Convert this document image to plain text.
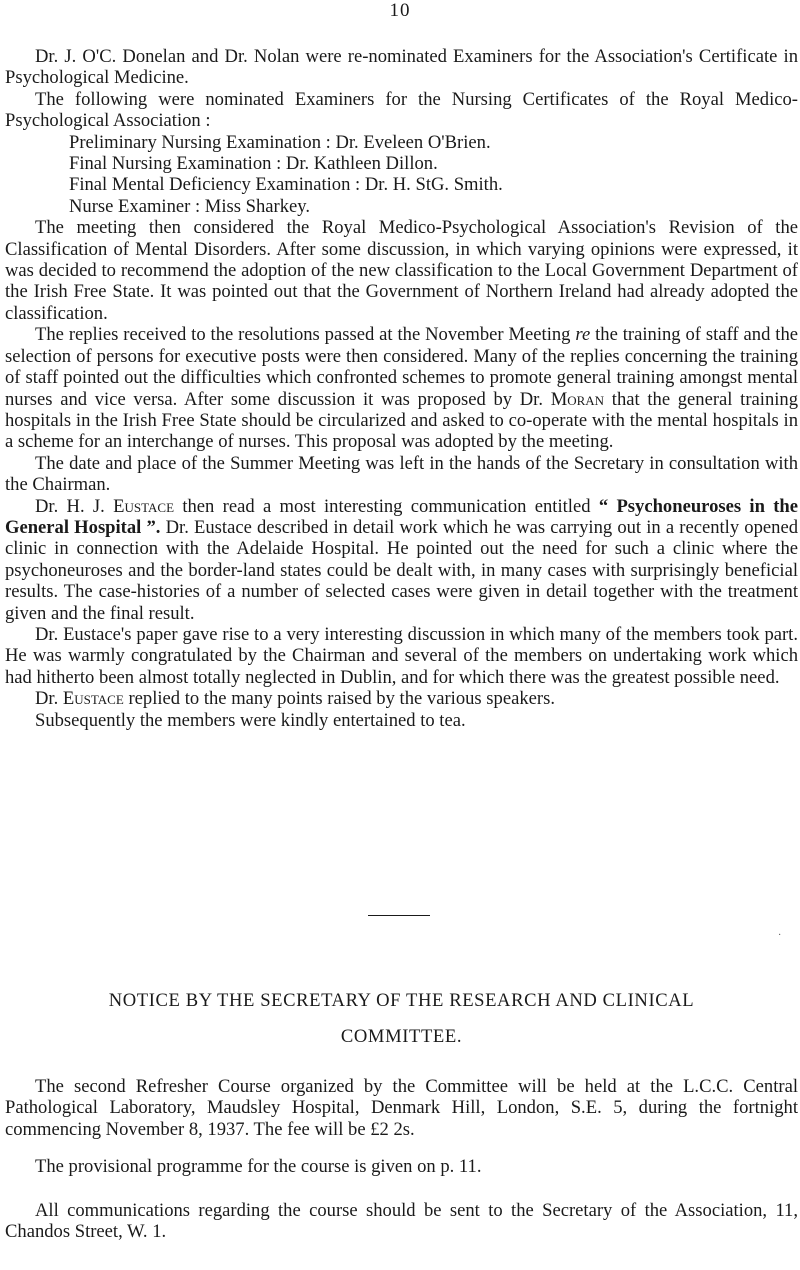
10

Dr. J. O'C. Donelan and Dr. Nolan were re-nominated Examiners for the Association's Certificate in Psychological Medicine.

The following were nominated Examiners for the Nursing Certificates of the Royal Medico-Psychological Association :

Preliminary Nursing Examination : Dr. Eveleen O'Brien.

Final Nursing Examination : Dr. Kathleen Dillon.

Final Mental Deficiency Examination : Dr. H. StG. Smith.

Nurse Examiner : Miss Sharkey.

The meeting then considered the Royal Medico-Psychological Association's Revision of the Classification of Mental Disorders. After some discussion, in which varying opinions were expressed, it was decided to recommend the adoption of the new classification to the Local Government Department of the Irish Free State. It was pointed out that the Government of Northern Ireland had already adopted the classification.

The replies received to the resolutions passed at the November Meeting re the training of staff and the selection of persons for executive posts were then considered. Many of the replies concerning the training of staff pointed out the difficulties which confronted schemes to promote general training amongst mental nurses and vice versa. After some discussion it was proposed by Dr. Moran that the general training hospitals in the Irish Free State should be circularized and asked to co-operate with the mental hospitals in a scheme for an interchange of nurses. This proposal was adopted by the meeting.

The date and place of the Summer Meeting was left in the hands of the Secretary in consultation with the Chairman.

Dr. H. J. Eustace then read a most interesting communication entitled “ Psychoneuroses in the General Hospital ”. Dr. Eustace described in detail work which he was carrying out in a recently opened clinic in connection with the Adelaide Hospital. He pointed out the need for such a clinic where the psychoneuroses and the border-land states could be dealt with, in many cases with surprisingly beneficial results. The case-histories of a number of selected cases were given in detail together with the treatment given and the final result.

Dr. Eustace's paper gave rise to a very interesting discussion in which many of the members took part. He was warmly congratulated by the Chairman and several of the members on undertaking work which had hitherto been almost totally neglected in Dublin, and for which there was the greatest possible need.

Dr. Eustace replied to the many points raised by the various speakers.

Subsequently the members were kindly entertained to tea.

·
NOTICE BY THE SECRETARY OF THE RESEARCH AND CLINICAL
COMMITTEE.

The second Refresher Course organized by the Committee will be held at the L.C.C. Central Pathological Laboratory, Maudsley Hospital, Denmark Hill, London, S.E. 5, during the fortnight commencing November 8, 1937. The fee will be £2 2s.

The provisional programme for the course is given on p. 11.

All communications regarding the course should be sent to the Secretary of the Association, 11, Chandos Street, W. 1.
